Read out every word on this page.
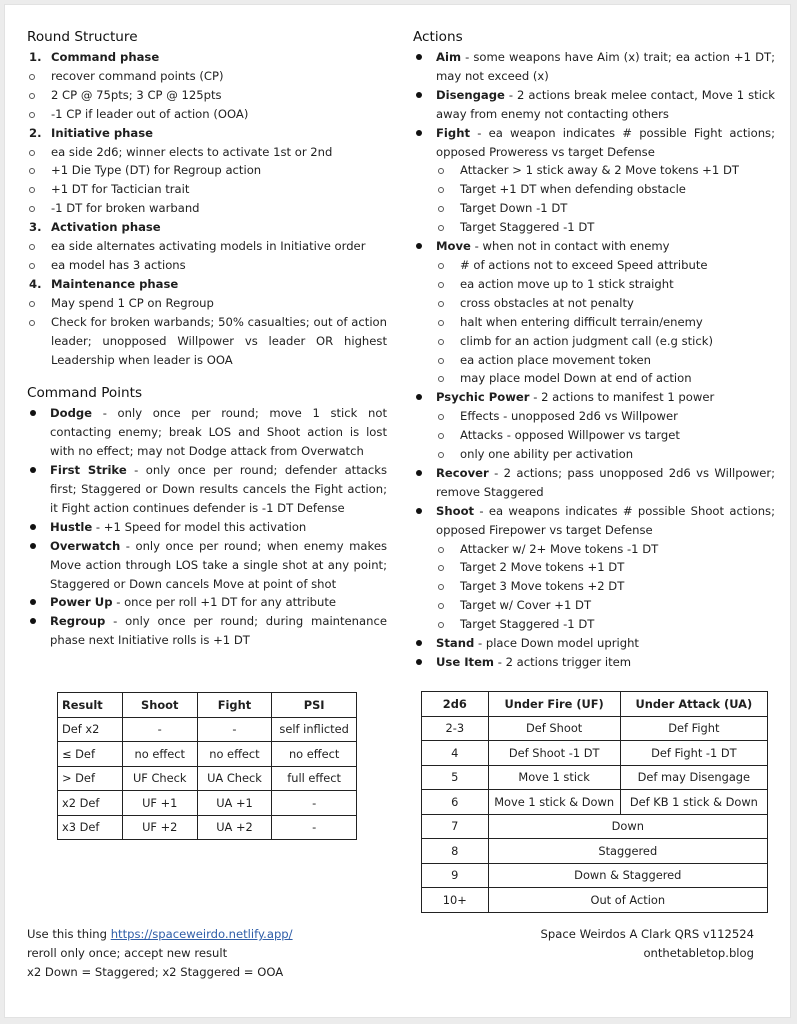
Round Structure
1. Command phase
recover command points (CP)
2 CP @ 75pts; 3 CP @ 125pts
-1 CP if leader out of action (OOA)
2. Initiative phase
ea side 2d6; winner elects to activate 1st or 2nd
+1 Die Type (DT) for Regroup action
+1 DT for Tactician trait
-1 DT for broken warband
3. Activation phase
ea side alternates activating models in Initiative order
ea model has 3 actions
4. Maintenance phase
May spend 1 CP on Regroup
Check for broken warbands; 50% casualties; out of action leader; unopposed Willpower vs leader OR highest Leadership when leader is OOA
Command Points
Dodge - only once per round; move 1 stick not contacting enemy; break LOS and Shoot action is lost with no effect; may not Dodge attack from Overwatch
First Strike - only once per round; defender attacks first; Staggered or Down results cancels the Fight action; it Fight action continues defender is -1 DT Defense
Hustle - +1 Speed for model this activation
Overwatch - only once per round; when enemy makes Move action through LOS take a single shot at any point; Staggered or Down cancels Move at point of shot
Power Up - once per roll +1 DT for any attribute
Regroup - only once per round; during maintenance phase next Initiative rolls is +1 DT
Actions
Aim - some weapons have Aim (x) trait; ea action +1 DT; may not exceed (x)
Disengage - 2 actions break melee contact, Move 1 stick away from enemy not contacting others
Fight - ea weapon indicates # possible Fight actions; opposed Proweress vs target Defense
Attacker > 1 stick away & 2 Move tokens +1 DT
Target +1 DT when defending obstacle
Target Down -1 DT
Target Staggered -1 DT
Move - when not in contact with enemy
# of actions not to exceed Speed attribute
ea action move up to 1 stick straight
cross obstacles at not penalty
halt when entering difficult terrain/enemy
climb for an action judgment call (e.g stick)
ea action place movement token
may place model Down at end of action
Psychic Power - 2 actions to manifest 1 power
Effects - unopposed 2d6 vs Willpower
Attacks - opposed Willpower vs target
only one ability per activation
Recover - 2 actions; pass unopposed 2d6 vs Willpower; remove Staggered
Shoot - ea weapons indicates # possible Shoot actions; opposed Firepower vs target Defense
Attacker w/ 2+ Move tokens -1 DT
Target 2 Move tokens +1 DT
Target 3 Move tokens +2 DT
Target w/ Cover +1 DT
Target Staggered -1 DT
Stand - place Down model upright
Use Item - 2 actions trigger item
Result	Shoot	Fight	PSI
Def x2	-	-	self inflicted
≤ Def	no effect	no effect	no effect
> Def	UF Check	UA Check	full effect
x2 Def	UF +1	UA +1	-
x3 Def	UF +2	UA +2	-
2d6	Under Fire (UF)	Under Attack (UA)
2-3	Def Shoot	Def Fight
4	Def Shoot -1 DT	Def Fight -1 DT
5	Move 1 stick	Def may Disengage
6	Move 1 stick & Down	Def KB 1 stick & Down
7	Down	
8	Staggered	
9	Down & Staggered	
10+	Out of Action	
Use this thing https://spaceweirdo.netlify.app/
reroll only once; accept new result
x2 Down = Staggered; x2 Staggered = OOA
Space Weirdos A Clark QRS v112524
onthetabletop.blog
